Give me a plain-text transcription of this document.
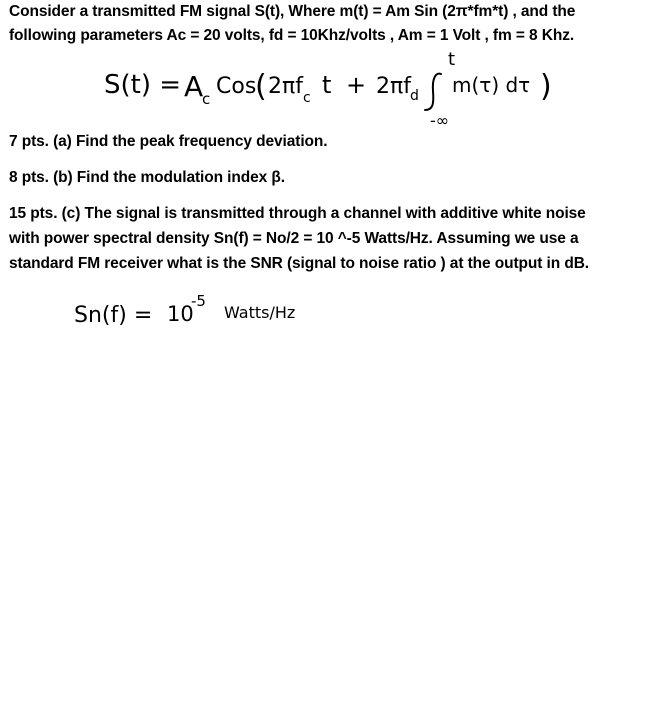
Consider a transmitted FM signal S(t), Where m(t) = Am Sin (2π*fm*t) , and the

following parameters Ac = 20 volts, fd = 10Khz/volts , Am = 1 Volt , fm = 8 Khz.

S(t) = A
c Cos
( 2πf c t + 2πf d
t
-∞
m(τ) dτ )

7 pts. (a) Find the peak frequency deviation.

8 pts. (b) Find the modulation index β.

15 pts. (c) The signal is transmitted through a channel with additive white noise

with power spectral density Sn(f) = No/2 = 10 ^-5 Watts/Hz. Assuming we use a

standard FM receiver what is the SNR (signal to noise ratio ) at the output in dB.

Sn(f) = 10
-5
Watts/Hz
